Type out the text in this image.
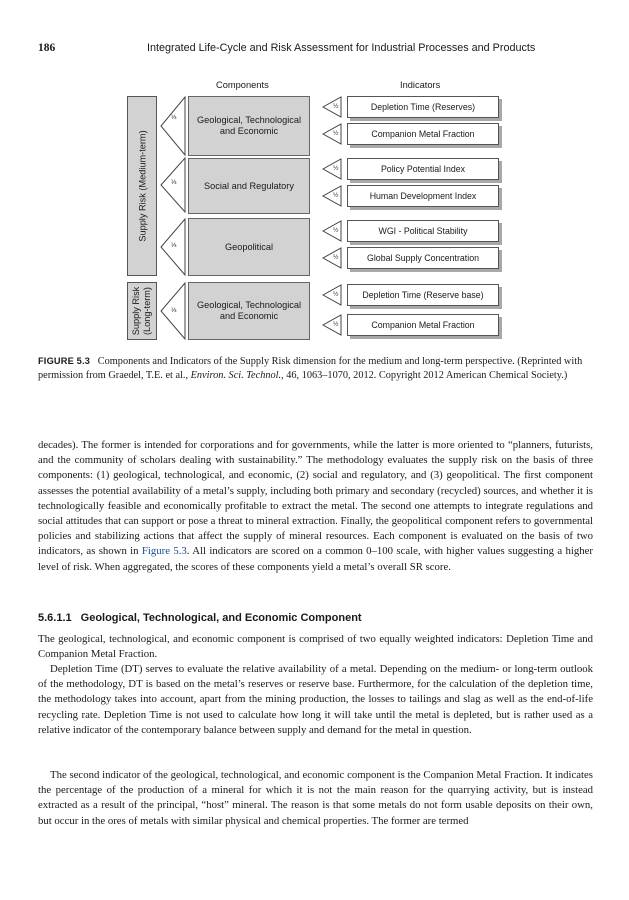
186	Integrated Life-Cycle and Risk Assessment for Industrial Processes and Products
Components	Indicators
Supply Risk (Medium-term)
Supply Risk (Long-term)
⅓ Geological, Technological
and Economic
⅓	Social and Regulatory
⅓	Geopolitical
⅓
Geological, Technological
and Economic
½	Depletion Time (Reserves)
½	Companion Metal Fraction
½	Policy Potential Index
½	Human Development Index
½	WGI - Political Stability
½	Global Supply Concentration
½	Depletion Time (Reserve base)
½	Companion Metal Fraction
FIGURE 5.3 Components and Indicators of the Supply Risk dimension for the medium and long-term perspective. (Reprinted with permission from Graedel, T.E. et al., Environ. Sci. Technol., 46, 1063–1070, 2012. Copyright 2012 American Chemical Society.)

decades). The former is intended for corporations and for governments, while the latter is more oriented to “planners, futurists, and the community of scholars dealing with sustainability.” The methodology evaluates the supply risk on the basis of three components: (1) geological, technological, and economic, (2) social and regulatory, and (3) geopolitical. The first component assesses the potential availability of a metal’s supply, including both primary and secondary (recycled) sources, and whether it is technologically feasible and economically profitable to extract the metal. The second one attempts to integrate regulations and social attitudes that can support or pose a threat to mineral extraction. Finally, the geopolitical component refers to governmental policies and stabilizing actions that affect the supply of mineral resources. Each component is evaluated on the basis of two indicators, as shown in Figure 5.3. All indicators are scored on a common 0–100 scale, with higher values suggesting a higher level of risk. When aggregated, the scores of these components yield a metal’s overall SR score.

5.6.1.1 Geological, Technological, and Economic Component

The geological, technological, and economic component is comprised of two equally weighted indicators: Depletion Time and Companion Metal Fraction.

Depletion Time (DT) serves to evaluate the relative availability of a metal. Depending on the medium- or long-term outlook of the methodology, DT is based on the metal’s reserves or reserve base. Furthermore, for the calculation of the depletion time, the methodology takes into account, apart from the mining production, the losses to tailings and slag as well as the end-of-life recycling rate. Depletion Time is not used to calculate how long it will take until the metal is depleted, but is rather used as a relative indicator of the contemporary balance between supply and demand for the metal in question.

The second indicator of the geological, technological, and economic component is the Companion Metal Fraction. It indicates the percentage of the production of a mineral for which it is not the main reason for the quarrying activity, but is instead extracted as a result of the principal, “host” mineral. The reason is that some metals do not form usable deposits on their own, but occur in the ores of metals with similar physical and chemical properties. The former are termed
